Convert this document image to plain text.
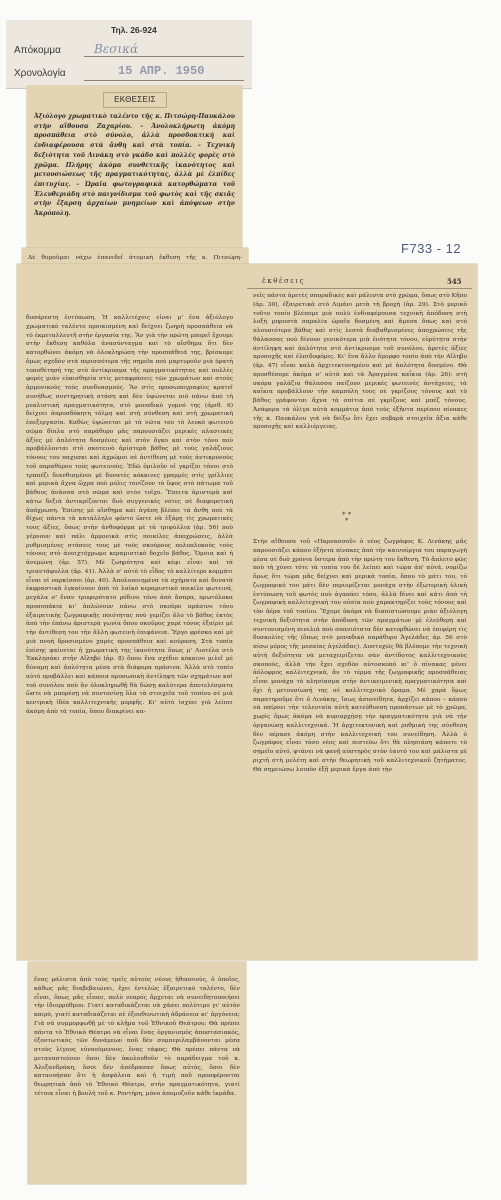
Τηλ. 26-924
Απόκομμα	Βεσικά
Χρονολογία	15 ΑΠΡ. 1950
ΕΚΘΕΣΕΙΣ
Ἀξιόλογο χρωματικὸ ταλέντο τῆς κ. Πιτσώρη-Παυκάλου στὴν αἴθουσα Ζαχαρίου. – Ἀνολοκλήρωτη ἀκόμη προσπάθεια στὸ σύνολο, ἀλλὰ προσδοκτική καὶ ἐνδιαφέρουσα στὰ ἄνθη καὶ στὰ τοπία. – Τεχνικὴ δεξιότητα τοῦ Λινάκη στὸ γκάδο καὶ πολλὲς φορὲς στὸ χρῶμα. Πλήρης ἀκόμα συνθετικῆς ἱκανότητος καὶ μετουσιώσεως τῆς πραγματικότητας, ἀλλὰ μὲ ἐλπίδες ἐπιτυχίας. – Ὡραῖα φωτογραφικὰ κατορθώματα τοῦ Ἐλευθεριάδη στὸ παιγνίδισμα τοῦ φωτὸς καὶ τῆς σκιᾶς στὴν ἔξαρση ἀρχαίων μνημείων καὶ ἀπόψεων στὴν Ἀκρόπολη.
Δὲ θυμοῦμαι νάχω ἐπανιδεῖ ἀτομικὴ ἔκθεση τῆς κ. Πιτσώρη-
F733 - 12
ἐκθέσεις	545
δυσάρεστη ἐντύπωση. Ἡ καλλιτέχνις εἶναι μ' ἕνα ἀξιόλογο χρωματικὸ ταλέντο προικισμένη καὶ δείχνει ζωηρὴ προσπάθεια νὰ τὸ ἐκμεταλλευτῆ στὴν ἐργασία της. Ἂν γιὰ τὴν πρώτη μπορεῖ ἔχουμε στὴν ἔκθεση καθόλα ἀνασύνταγμα καὶ τὸ αἴσθημα ὅτι δὲν κατορθώνει ἀκόμη νὰ ὁλοκληρώση τὴν προσπάθειά της, βρίσκομε ὅμως σχεδὸν στὰ περισσότερα τῆς σημεῖα ποὺ μαρτυροῦν μιὰ ὀρατὴ τοποθέτησή της στὸ ἀντίκρυσμα τῆς πραγματικότητας καὶ πολλὲς φορὲς μιὰν εὐαισθησία στὶς μεταφράσεις τῶν χρωμάτων καὶ στοὺς ἁρμονικοὺς τοὺς συνδυασμούς. Ἂν στὶς προσωπογραφίες κρατεῖ συνήθως συντηρητικὴ στάση καὶ δὲν ὑψώνεται πιὸ πάνω ἀπὸ τὴ ρεαλιστικὴ πραγματικότητα, στὸ μοναδικὸ γυμνό της (ἀριθ. 6) δείχνει ἀπροσδόκητη τόλμη καὶ στὴ σύνθεση καὶ στὴ χρωματικὴ ἐπεξεργασία. Καθὼς ὑψώνεται μὲ τὰ νῶτα του τὸ λευκὸ φωτεινὸ σῶμα δίπλα στὸ παράθυρο μᾶς παρουσιάζει μερικὲς πλαστικὲς ἀξίες μὲ ἁπλότητα δοσμένες καὶ στὸν ὄγκο καὶ στὸν τόνο ποὺ προβάλλονται στὸ σκοτεινὸ ἀρίστερὰ βάθος μὲ τοὺς γαλάζιους τόνους του παχυσκι καὶ ἀχρώμοι σὲ ἀντίθεση μὲ τοὺς ἀντικρυνοὺς τοῦ παραθύρου τοὺς φωτεινούς. Ἐδῶ ὁμιλοῦν οἱ γκρίζοι τόνοι στὸ τραπέζι διανθισμένοι μὲ δυνατὲς κόκκινες γραμμὲς στὶς γρίλλιες καὶ μερικὰ ἄχνα ὥχρα ποὺ μόλις τονίζουν τὸ ὕφος στὸ πάτωμα τοῦ βάθους ἀνάσσα στὸ σῶμα καὶ στὸν τοῖχο. Ἔπειτα ἀριστερὰ καὶ κάτω δεξιὰ ἀντικρίζονται δυὸ συγγενικὲς νότες σὲ διαφορετικὴ ἀπόχρωση. Ἐπίσης μὲ αἴσθημα καὶ ἀγάπη βλέπει τὰ ἄνθη ποὺ τὰ δίχως πάντα τὰ κατάλληλο φόντο ὥστε νὰ ἐξάρῃ τὶς χρωματικὲς τους ἀξίες, ὅπως στὴν ἀνθοφόρμα μὲ τὰ τριφύλλια (ἀρ. 56) ποὺ γέρνουν καὶ πάλι ἀρμονικὰ στὶς ποικίλες ἀποχρώσεις, ἀλλὰ ρυθμισμένες στάσεις τους μὲ τοὺς σκούρους πολυπλοκοὺς τοὺς τόνους στὸ ἀνοιχτόχρωμο κεραμιστικὸ δοχεῖο βάθος. Ὅμοια καὶ ἡ ἀνεμώνη (ἀρ. 57). Μὲ ζωηρότητα καὶ κέφι εἶναι καὶ τὰ τριαντάφυλλα (ἀρ. 41). Ἀλλὰ σ' αὐτὸ τὸ εἶδος τὸ καλλίτερο κομμάτι εἶναι οἱ ναρκίσσοι (ἀρ. 40). Ἀπολοποιημένα τὰ σχήματα καὶ δυνατὰ ἐκφραστικὰ ἐγκαίνουν ἀπὸ τὸ λαϊκὸ κεραμιστικὸ ποικίλο φωτεινά, μεγάλα σ' ἕναν τρυφερότατο ρόδινο τόνο ἀπὸ ἄσπρα, πρωτόλοκα προσοπάκια κι' ἁπλώνουν πάνω στὸ σκοῦρο πράσινο τόνο ἐξαιρετικὴς ζωγραφικῆς ποιότητας ποὺ γεμίζει ὅλο τὸ βάθος ἐκτὸς ἀπὸ τὴν ἐπάνω ἀριστερὰ γωνία ὅπου σκοῦρος χαρὲ τόνος ἐξαίρει μὲ τὴν ἀντίθεση του τὴν ἄλλη φωτεινὴ ἐπιφάνεια. Ἔργο φρέσκο καὶ μὲ μιὰ πνοὴ δροσισμένο χαρὲς προσπάθεια καὶ κούραση. Στὰ τοπία ἐπίσης φαίνεται ἡ χρωματικὴ της ἱκανότητα ὅπως μ' Λιοτέλα στὸ Ἐκκλησάκι στὴν Αἴληβο (ἀρ. 8) ὅπου ἕνα σχέδιο κόκκινο μιλεῖ μὲ δύναμη καὶ ἁπλότητα μέσα στὰ διάφορα πράσινα. Ἀλλὰ στὸ τοπίο αὐτὸ προβάλλει καὶ κάποια προσωπικὴ ἀντίληψη τῶν σχημάτων καὶ τοῦ συνόλου ποὺ ἂν ὁλοκληρωθῇ θὰ δώσῃ καλύτερα ἀποτελέσματα ὥστε νὰ μπορέσῃ νὰ συντονίσῃ ὅλα τὰ στοιχεῖα τοῦ τοπίου σὲ μιὰ κεντρικὴ ἰδέα καλλιτεχνικῆς μορφῆς. Κι' αὐτὸ ἰσχύει γιὰ λείπει ἀκόμη ἀπὸ τὰ τοπία, ὅπου διακρίνει κα-
νεῖς πάντα ἀρετὲς σποραδικὲς καὶ μάλιστα στὸ χρῶμα, ὅπως στὸ Κῆπο (ἀρ. 30), ἐξαιρετικὰ στὸ Λιμάνι μετὰ τὴ βροχὴ (ἀρ. 29). Στὸ μερικὸ τοῦτο τοπίο βλέπομε μιὰ πολὺ ἐνδιαφέρουσα τεχνικὴ ἀπόδοση στὴ λοξὴ μπροστὰ παραλία ὡραῖα δοσμένη καὶ ἄμεσα ὅπως καὶ στὸ πλουσιότερο βάθος καὶ στὶς λεπτὰ διαβαθμισμένες ἀποχρώσεις τῆς θάλασσας ποὺ δίνουν γενικότερα μιὰ ἑνότητα τόνου, εὐρύτητα στὴν ἀντίληψη καὶ ἁπλότητα στὸ ἀντίκρυσμα τοῦ συνόλου, ἀρετὲς ἀξίες προσοχῆς καὶ ἐλπιδοφόρες. Κι' ἕνα ἄλλο ὄμορφο τοπίο ἀπὸ τὴν Αἴληβο (ἀρ. 47) εἶναι καλὰ ἀρχιτεκτονημένο καὶ μὲ ἁπλότητα δοσμένο. Θὰ προσθέσομε ἀκόμα σ' αὐτὰ καὶ τὰ Ἀραγμένα καΐκια (ἀρ. 26): στὴ σκόρα γαλάζια θάλασσα παίζουν μερικὲς φωτεινὲς ἀντάχειες, τὰ καΐκια προβάλλουν τὴν καμπύλη τους σὲ γκρίζους τόνους καὶ τὸ βάθος γράφονται ἄχνα τὰ σπίτια σὲ γκρίζους καὶ μπὲζ τόνους. Ἀνάφερα τὰ ὀλίγα αὐτὰ κομμάτια ἀπὸ τοὺς ἑξῆντα περίπου πίνακες τῆς κ. Παυκάλου γιὰ νὰ δείξω ὅτι ἔχει σοβαρὰ στοιχεῖα ἄξια κάθε προσοχῆς καὶ καλλιέργειας.
* *
*
Στὴν αἴθουσα τοῦ «Παρνασσοῦ» ὁ νέος ζωγράφος Κ. Λινάκης μᾶς παρουσιάζει κάπου ἑξήντα πίνακες ἀπὸ τὴν καινούργια του παραγωγὴ μέσα σὲ δυὸ χρόνια ὕστερα ἀπὸ τὴν πρώτη του ἔκθεση. Τὸ ἄπλετο φῶς ποὺ τὴ χύνει τότε τὰ τοπία του δὲ λείπει καὶ τώρα ἀπ' αὐτά, νομίζω ὅμως ὅτι τώρα μᾶς δείχνει καὶ μερικὰ τοπία, ὅπου τὸ μάτι του, τὸ ζωγραφικό του μάτι δὲν περιορίζεται μονάχα στὴν ἐξωτερικὴ ὑλικὴ ἐντύπωση τοῦ φωτὸς ποὺ ἀγαπάει τόσο, ἀλλὰ δίνει καὶ κάτι ἀπὸ τὴ ζωγραφικὴ καλλιτεχνικὴ του οὐσία ποὺ χαρακτηρίζει τοὺς τόνους καὶ τὸν ἀέρα τοῦ τοπίου. Ἔχομε ἀκόμα νὰ διαπιστώσουμε μιὰν ἀξιόλογη τεχνικὴ δεξιότητα στὴν ἀπόδοση τῶν πραγμάτων μὲ ἐλεύθερη καὶ συντονισμένη πινελιὰ ποὺ σπανιότατα δὲν κατορθώνει νὰ ἐπιφέρη τὶς δυσκολίες τῆς (ὅπως στὸ μοναδικὸ παράθυρο Ἀγελάδες ἀρ. 56 στὸ πίσω μέρος τῆς μεσαίας ἀγελάδας). Δυστυχῶς θὰ βλέπομε τὴν τεχνικὴ αὐτὴ δεξιότητα νὰ μεταχειρίζεται σὰν ἀντίδοτος καλλιτεχνικοὺς σκοπούς, ἀλλὰ τὴν ἔχει σχεδὸν αὐτοσκοπό κι' ὁ πίνακας μένει ἀόλοφρος καλλιτεχνικά, ἂν τὸ τέρμα τῆς ζωγραφικῆς προσπάθειας εἶναι μονάχα τὸ πλησίασμα στὴν ἀντικειμενικὴ πραγματικότητα καὶ ὄχι ἡ μετουσίωσή της σὲ καλλιτεχνικὸ ὅραμα. Μὲ χαρὰ ὅμως παρατηροῦμε ὅτι ὁ Λινάκης, ἴσως ἀσυνείδητα, ἀρχίζει κάπου – κάπου νὰ παίρνει τὴν τελευταία αὐτὴ κατεύθυνση προπάντων μὲ τὸ χρῶμα, χωρὶς ὅμως ἀκόμα νὰ κυριαρχήσῃ τὴν πραγματικότητα γιὰ νὰ τὴν ὀργανώσῃ καλλιτεχνικά. Ἡ ἀρχιτεκτονικὴ καὶ ρυθμικὴ της σύνθεση δὲν πέρασε ἀκόμη στὴν καλλιτεχνικὴ του συνείδηση. Ἀλλὰ ὁ ζωγράφος εἶναι τόσο νέος καὶ πιστεύω ὅτι θὰ πλησιάση κάποτε τὸ σημεῖο αὐτό, φτάνει νὰ φανῇ αὐστηρὸς στὸν ἑαυτό του καὶ μάλιστα μὲ ριχτὴ στὴ μελέτη καὶ στὴν θεωρητικὴ τοῦ καλλιτεχνικοῦ ζητήματος. Θὰ σημειώσω λοιπὸν ἑξῆ μερικὰ ἔργα ἀπὸ τὴν
ἕνας μάλιστα ἀπὸ τοὺς τρεῖς αὐτοὺς νέους ἠθοποιούς, ὁ ὁποῖος, κάθως μᾶς διαβεβαιώνει, ἔχει ἐντελῶς ἐξαιρετικὸ ταλέντο, δὲν εἶναι, ὅπως μᾶς εἶπαν, πολὺ νεαρός ἄρχεται νὰ συνειδητοποιήσει τὴν ἰδιορρύθμου. Γιατί καταδικάζεται νὰ χάσει πολύτιμο γι' αὐτὸν καιρό, γιατί καταδικάζεται σὲ ἐξουθενωτικὴ ἀδράνεια κι' ἀργόνεια; Γιὰ νὰ συμμορφωθῇ μὲ τὸ κλῆμα τοῦ Ἐθνικοῦ Θεάτρου; Θὰ πρέπει πάντα τὸ Ἐθνικὸ Θέατρο νὰ εἶναι ἕνας ὀργανισμὸς ἀποστασιακός, ἐξοντωτικὸς τῶν δυνάμεων ποῦ δὲν συμπεριλαμβάνονται μέσα στοὺς λίγους εὐνοούμενους. ἕνας τάφος; Θὰ πρέπει πάντα νὰ μεταναστεύουν ὅσοι δὲν ἀκολουθοῦν τὸ παράδειγμα τοῦ κ. Ἀλεξανδράκη, ὅσοι δὲν ἀπέδρασαν ὅπως αὐτός, ὅσοι δὲν κατανοήσαν ὅτι ἡ ἀσφάλεια καὶ ἡ τιμή ποῦ προσφέρονται θεωρητικὰ ἀπὸ τὸ Ἐθνικὸ Θέατρο, στὴν πραγματικότητα, γιατί τέτοια εἶναι ἡ βουλὴ τοῦ κ. Ροντήρη, μόνο ἀπομυζοῦν κάθε ἱκμάδα.
